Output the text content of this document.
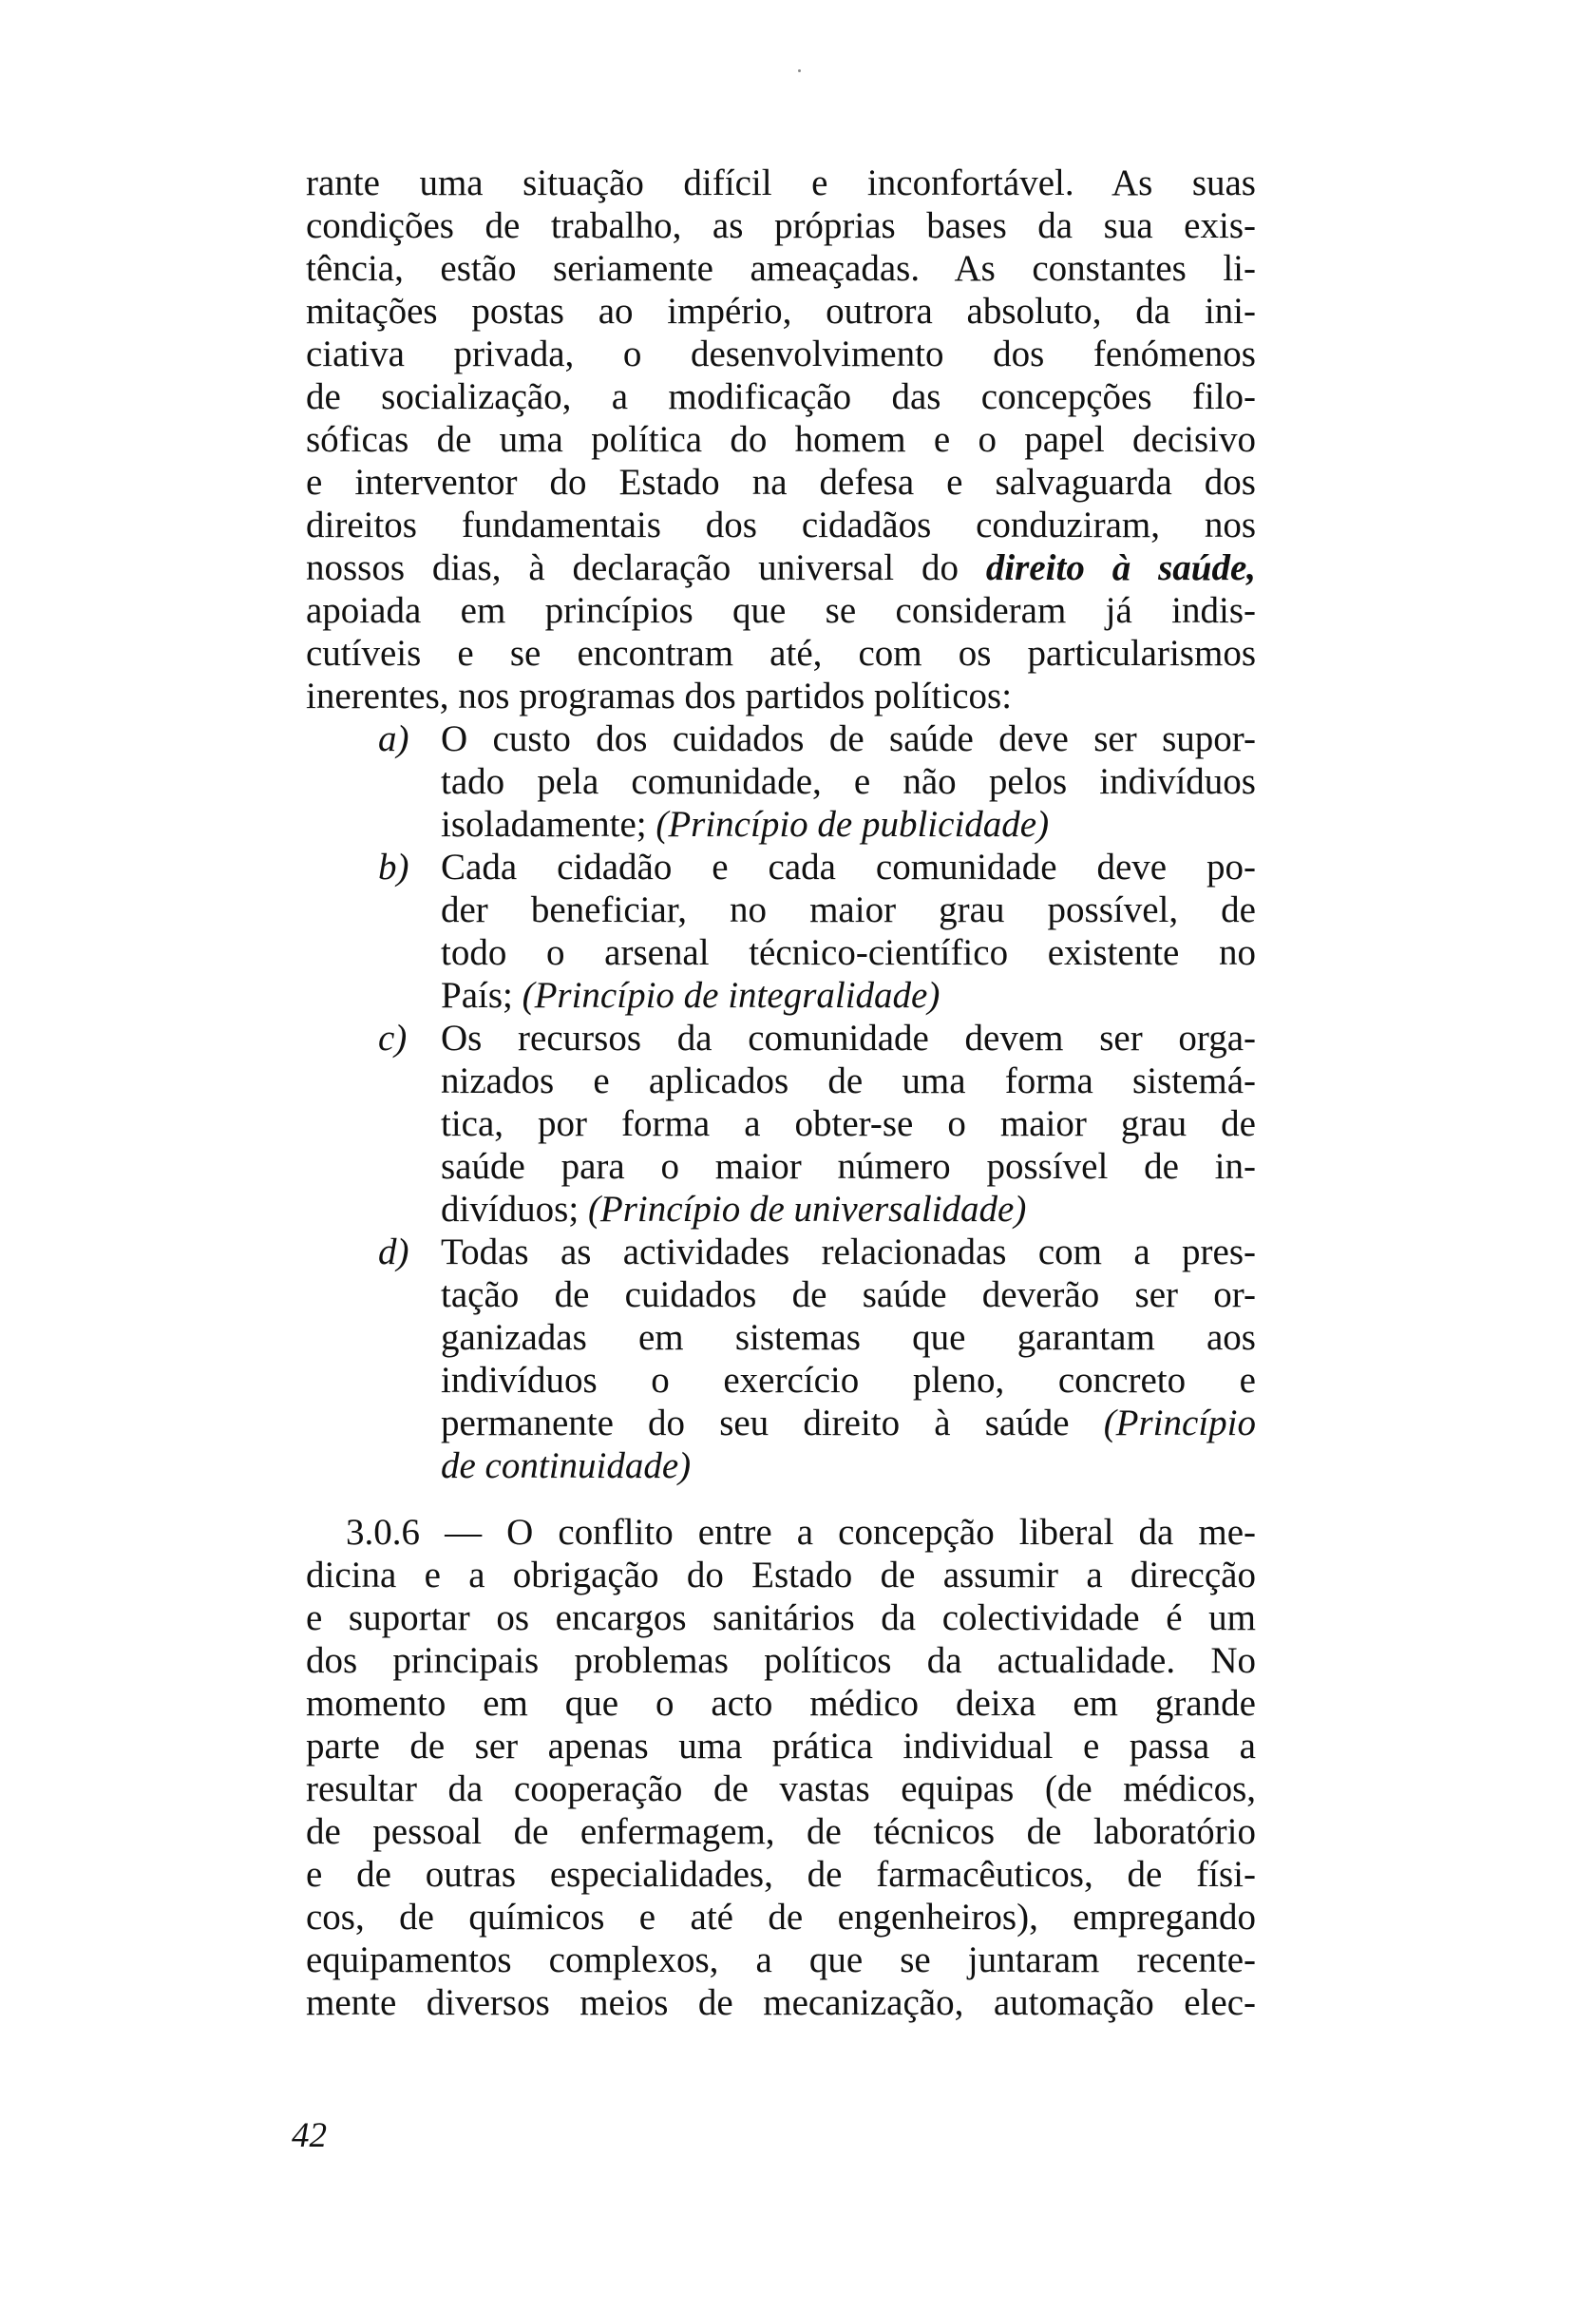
rante uma situação difícil e inconfortável. As suas
condições de trabalho, as próprias bases da sua exis-
tência, estão seriamente ameaçadas. As constantes li-
mitações postas ao império, outrora absoluto, da ini-
ciativa privada, o desenvolvimento dos fenómenos
de socialização, a modificação das concepções filo-
sóficas de uma política do homem e o papel decisivo
e interventor do Estado na defesa e salvaguarda dos
direitos fundamentais dos cidadãos conduziram, nos
nossos dias, à declaração universal do direito à saúde,
apoiada em princípios que se consideram já indis-
cutíveis e se encontram até, com os particularismos
inerentes, nos programas dos partidos políticos:
a) O custo dos cuidados de saúde deve ser supor-
tado pela comunidade, e não pelos indivíduos
isoladamente; (Princípio de publicidade)
b) Cada cidadão e cada comunidade deve po-
der beneficiar, no maior grau possível, de
todo o arsenal técnico-científico existente no
País; (Princípio de integralidade)
c) Os recursos da comunidade devem ser orga-
nizados e aplicados de uma forma sistemá-
tica, por forma a obter-se o maior grau de
saúde para o maior número possível de in-
divíduos; (Princípio de universalidade)
d) Todas as actividades relacionadas com a pres-
tação de cuidados de saúde deverão ser or-
ganizadas em sistemas que garantam aos
indivíduos o exercício pleno, concreto e
permanente do seu direito à saúde (Princípio
de continuidade)
3.0.6 — O conflito entre a concepção liberal da me-
dicina e a obrigação do Estado de assumir a direcção
e suportar os encargos sanitários da colectividade é um
dos principais problemas políticos da actualidade. No
momento em que o acto médico deixa em grande
parte de ser apenas uma prática individual e passa a
resultar da cooperação de vastas equipas (de médicos,
de pessoal de enfermagem, de técnicos de laboratório
e de outras especialidades, de farmacêuticos, de físi-
cos, de químicos e até de engenheiros), empregando
equipamentos complexos, a que se juntaram recente-
mente diversos meios de mecanização, automação elec-
42
